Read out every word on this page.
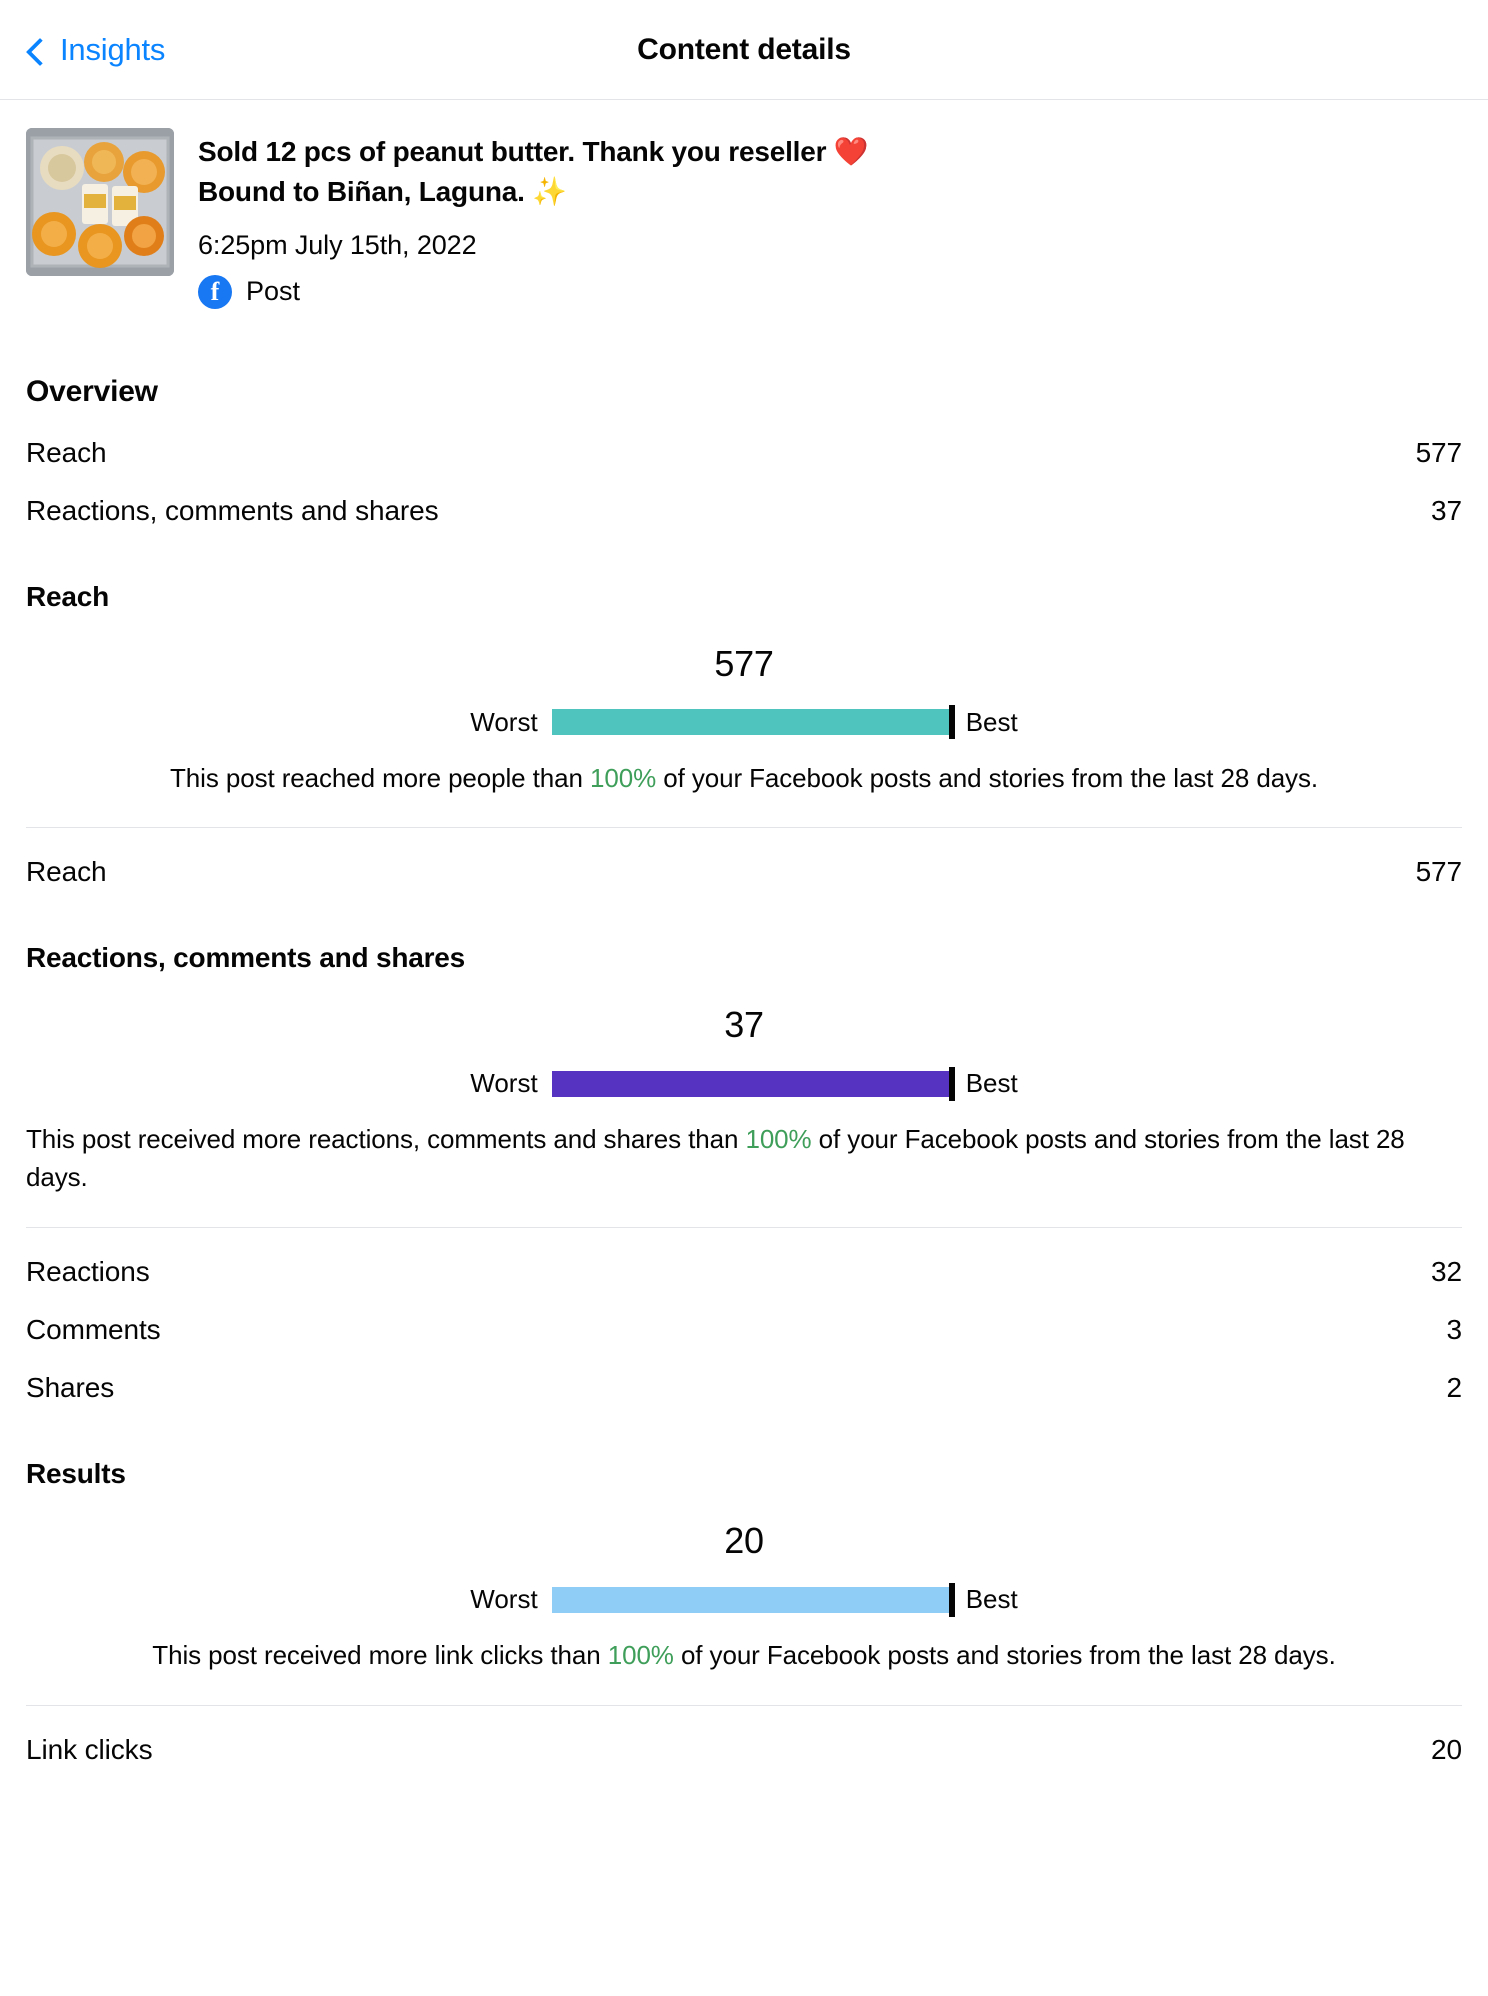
Insights	Content details
Sold 12 pcs of peanut butter. Thank you reseller ❤️
Bound to Biñan, Laguna. ✨
6:25pm July 15th, 2022
f Post
Overview
Reach	577
Reactions, comments and shares	37
Reach
577
Worst	Best
This post reached more people than 100% of your Facebook posts and stories from the last 28 days.
Reach	577
Reactions, comments and shares
37
Worst	Best
This post received more reactions, comments and shares than 100% of your Facebook posts and stories from the last 28 days.
Reactions	32
Comments	3
Shares	2
Results
20
Worst	Best
This post received more link clicks than 100% of your Facebook posts and stories from the last 28 days.
Link clicks	20
